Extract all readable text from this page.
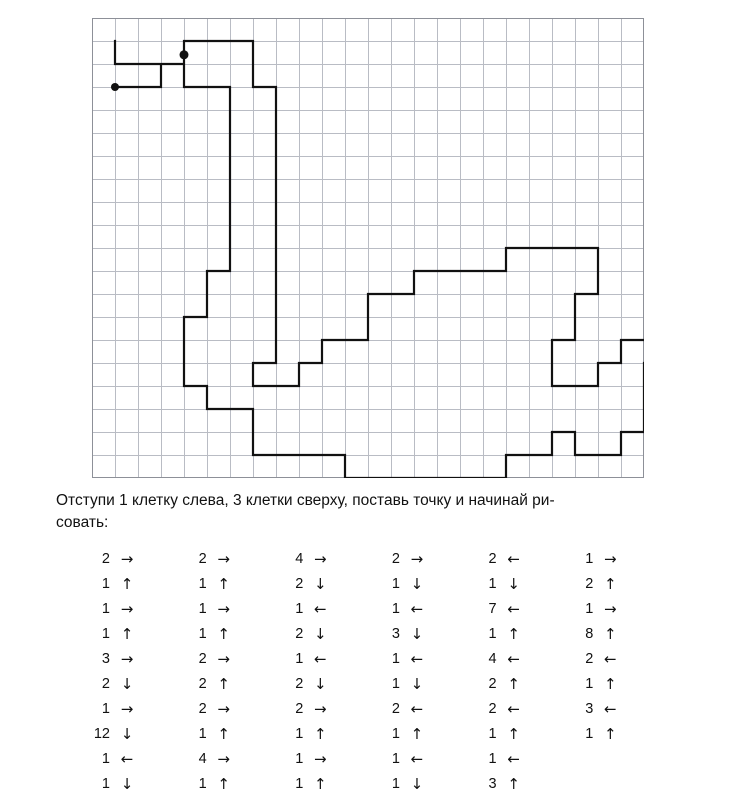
Отступи 1 клетку слева, 3 клетки сверху, поставь точку и начинай ри-
совать:
2 →	2 →	4 →	2 →	2 ←	1 →

1 ↑	1 ↑	2 ↓	1 ↓	1 ↓	2 ↑

1 →	1 →	1 ←	1 ←	7 ←	1 →

1 ↑	1 ↑	2 ↓	3 ↓	1 ↑	8 ↑

3 →	2 →	1 ←	1 ←	4 ←	2 ←

2 ↓	2 ↑	2 ↓	1 ↓	2 ↑	1 ↑

1 →	2 →	2 →	2 ←	2 ←	3 ←

12 ↓	1 ↑	1 ↑	1 ↑	1 ↑	1 ↑

1 ←	4 →	1 →	1 ←	1 ←	

1 ↓	1 ↑	1 ↑	1 ↓	3 ↑	
